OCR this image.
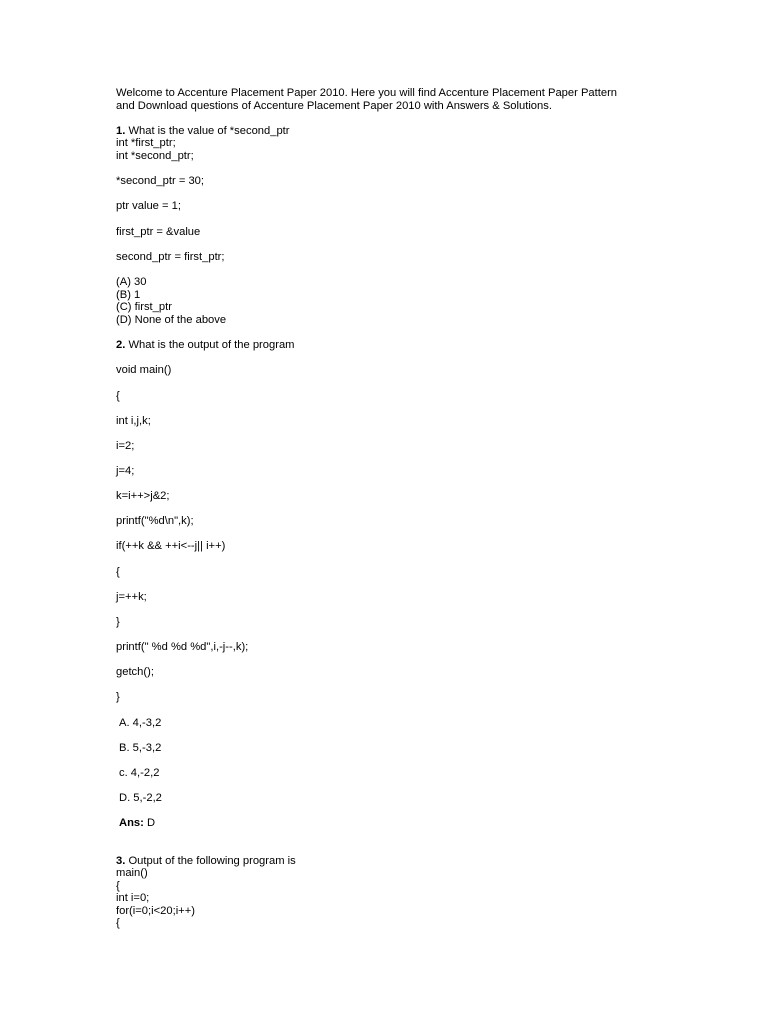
Welcome to Accenture Placement Paper 2010. Here you will find Accenture Placement Paper Pattern
and Download questions of Accenture Placement Paper 2010 with Answers & Solutions.
1. What is the value of *second_ptr
int *first_ptr;
int *second_ptr;
*second_ptr = 30;
ptr value = 1;
first_ptr = &value
second_ptr = first_ptr;
(A) 30
(B) 1
(C) first_ptr
(D) None of the above
2. What is the output of the program
void main()
{
int i,j,k;
i=2;
j=4;
k=i++>j&2;
printf("%d\n",k);
if(++k && ++i<--j|| i++)
{
j=++k;
}
printf(" %d %d %d",i,-j--,k);
getch();
}
A. 4,-3,2
B. 5,-3,2
c. 4,-2,2
D. 5,-2,2
Ans: D
3. Output of the following program is
main()
{
int i=0;
for(i=0;i<20;i++)
{
